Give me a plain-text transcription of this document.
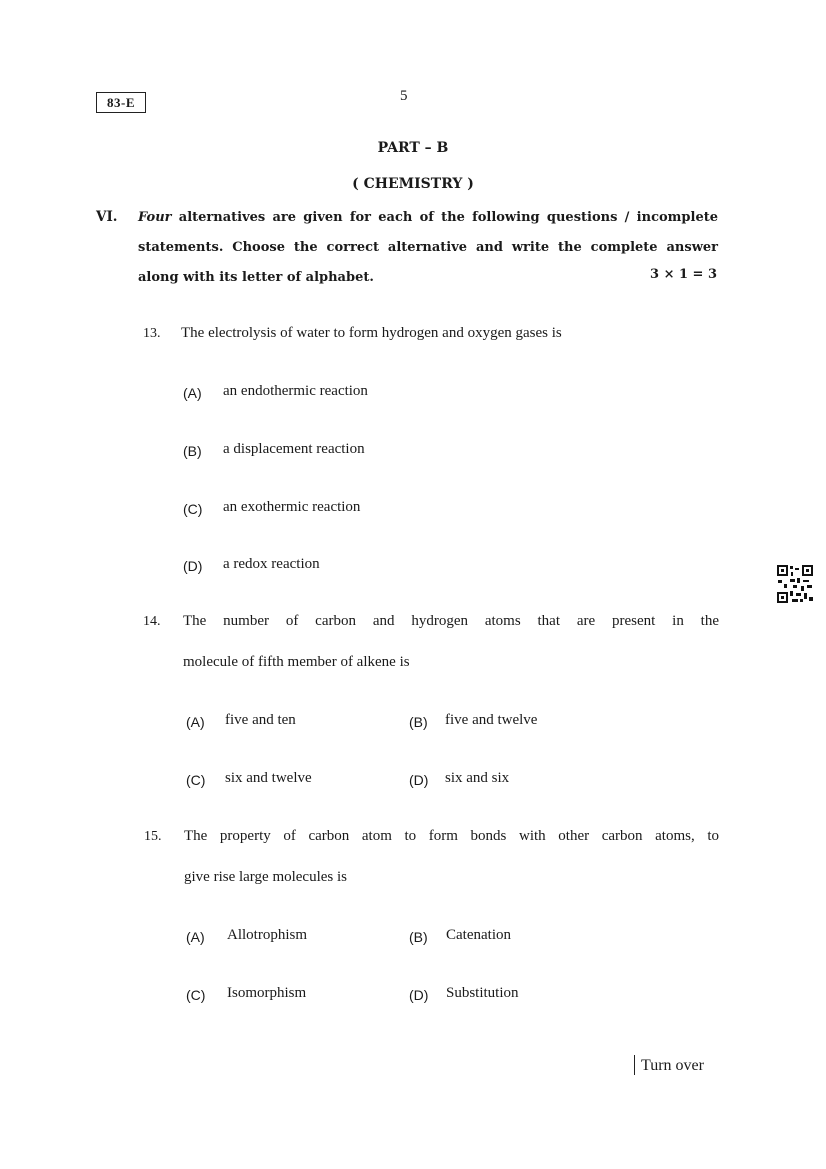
83-E	5
PART – B
( CHEMISTRY )
VI. Four alternatives are given for each of the following questions / incomplete
statements. Choose the correct alternative and write the complete answer
along with its letter of alphabet.	3 × 1 = 3
13. The electrolysis of water to form hydrogen and oxygen gases is
(A) an endothermic reaction
(B) a displacement reaction
(C) an exothermic reaction
(D) a redox reaction
14. The number of carbon and hydrogen atoms that are present in the
molecule of fifth member of alkene is
(A) five and ten	(B) five and twelve
(C) six and twelve	(D) six and six
15. The property of carbon atom to form bonds with other carbon atoms, to
give rise large molecules is
(A) Allotrophism	(B) Catenation
(C) Isomorphism	(D) Substitution
Turn over
